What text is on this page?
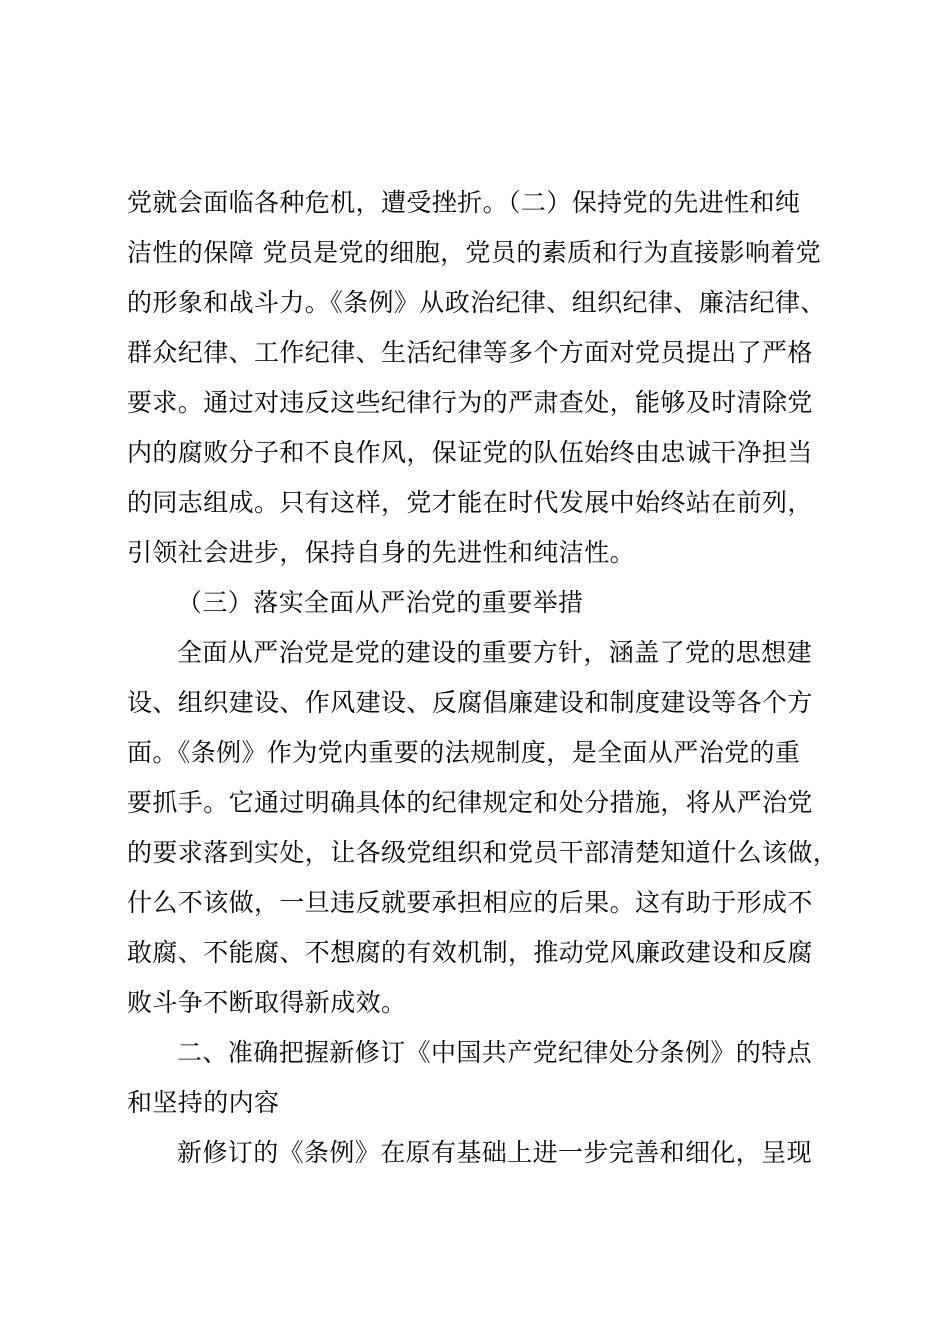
党就会面临各种危机，遭受挫折。（二）保持党的先进性和纯
洁性的保障 党员是党的细胞，党员的素质和行为直接影响着党
的形象和战斗力。《条例》从政治纪律、组织纪律、廉洁纪律、
群众纪律、工作纪律、生活纪律等多个方面对党员提出了严格
要求。通过对违反这些纪律行为的严肃查处，能够及时清除党
内的腐败分子和不良作风，保证党的队伍始终由忠诚干净担当
的同志组成。只有这样，党才能在时代发展中始终站在前列，
引领社会进步，保持自身的先进性和纯洁性。
（三）落实全面从严治党的重要举措
全面从严治党是党的建设的重要方针，涵盖了党的思想建
设、组织建设、作风建设、反腐倡廉建设和制度建设等各个方
面。《条例》作为党内重要的法规制度，是全面从严治党的重
要抓手。它通过明确具体的纪律规定和处分措施，将从严治党
的要求落到实处，让各级党组织和党员干部清楚知道什么该做，
什么不该做，一旦违反就要承担相应的后果。这有助于形成不
敢腐、不能腐、不想腐的有效机制，推动党风廉政建设和反腐
败斗争不断取得新成效。
二、准确把握新修订《中国共产党纪律处分条例》的特点
和坚持的内容
新修订的《条例》在原有基础上进一步完善和细化，呈现
